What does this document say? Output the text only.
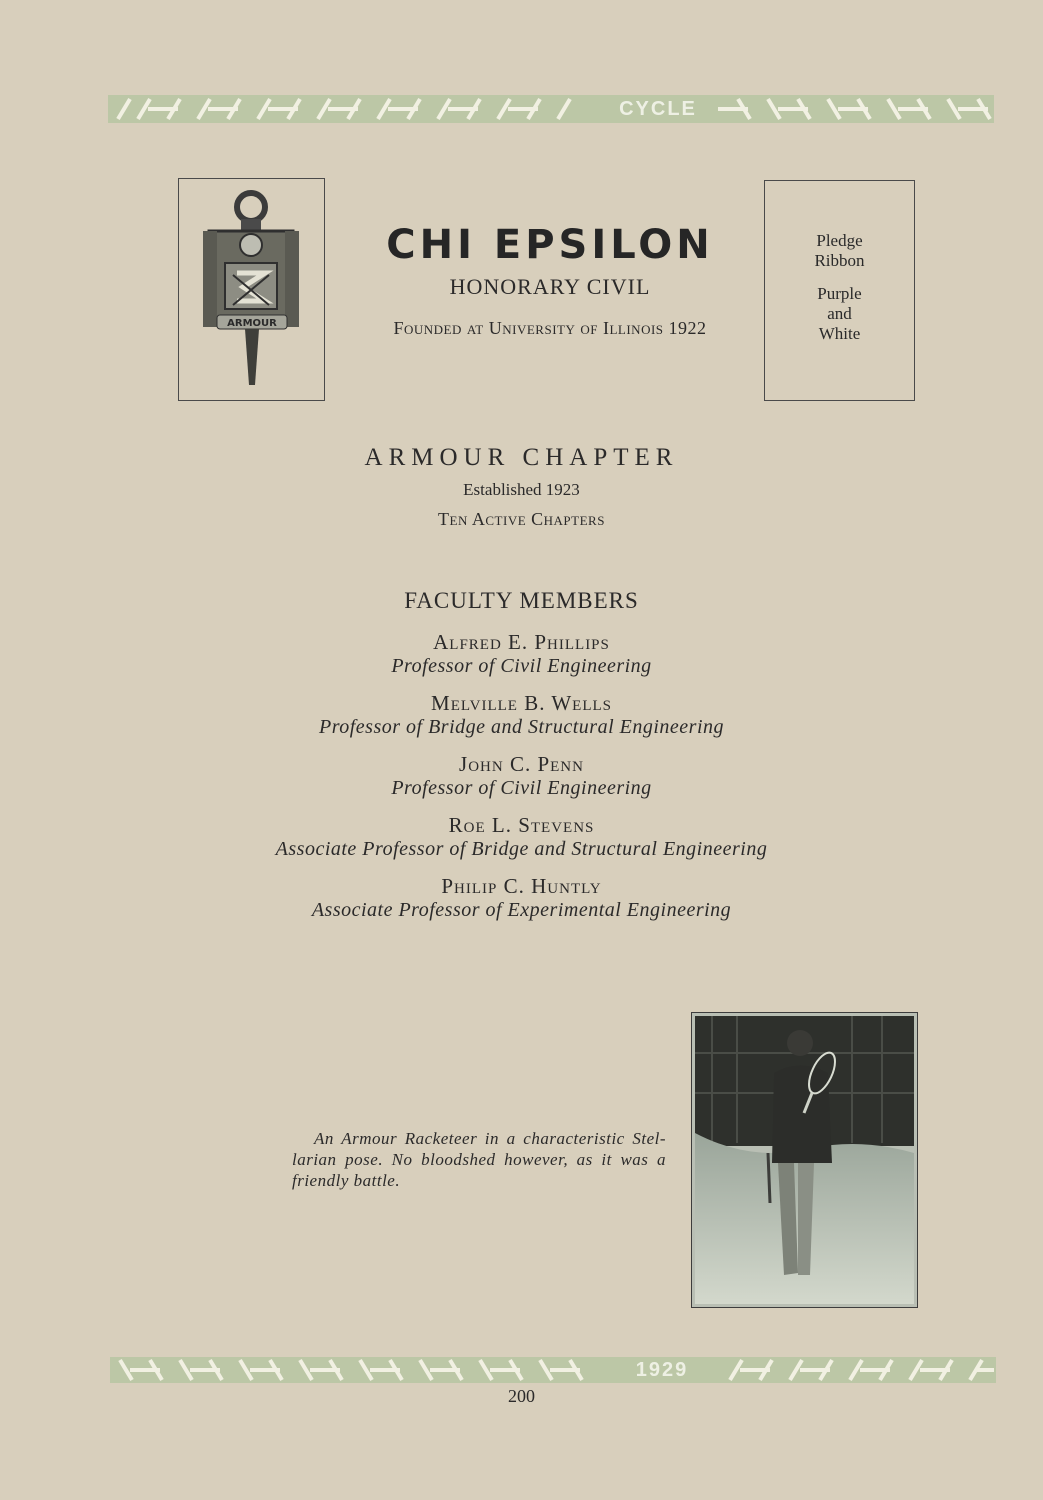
CYCLE
ARMOUR
CHI EPSILON
HONORARY CIVIL
Founded at University of Illinois 1922
Pledge
Ribbon
Purple
and
White
ARMOUR CHAPTER
Established 1923
Ten Active Chapters
FACULTY MEMBERS
Alfred E. Phillips
Professor of Civil Engineering
Melville B. Wells
Professor of Bridge and Structural Engineering
John C. Penn
Professor of Civil Engineering
Roe L. Stevens
Associate Professor of Bridge and Structural Engineering
Philip C. Huntly
Associate Professor of Experimental Engineering
An Armour Racketeer in a characteristic Stel-larian pose. No bloodshed however, as it was a friendly battle.
1929
200
